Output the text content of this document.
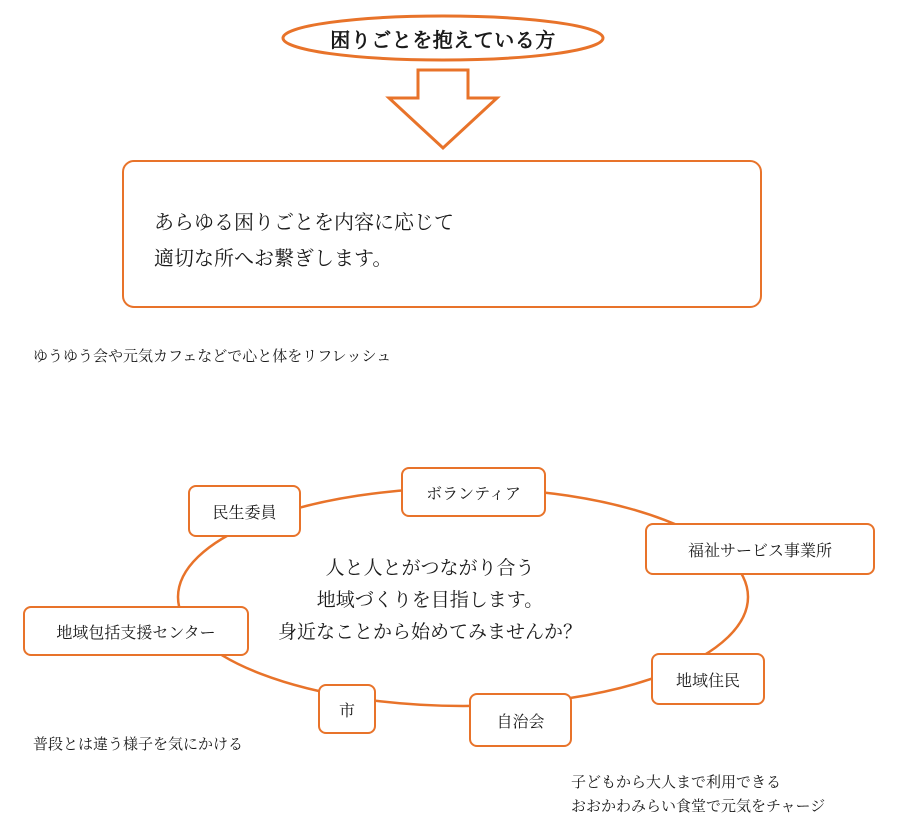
困りごとを抱えている方
あらゆる困りごとを内容に応じて
適切な所へお繋ぎします。
ゆうゆう会や元気カフェなどで心と体をリフレッシュ
人と人とがつながり合う
地域づくりを目指します。
身近なことから始めてみませんか？
ボランティア
福祉サービス事業所
地域住民
自治会
市
地域包括支援センター
民生委員
普段とは違う様子を気にかける
子どもから大人まで利用できる
おおかわみらい食堂で元気をチャージ
